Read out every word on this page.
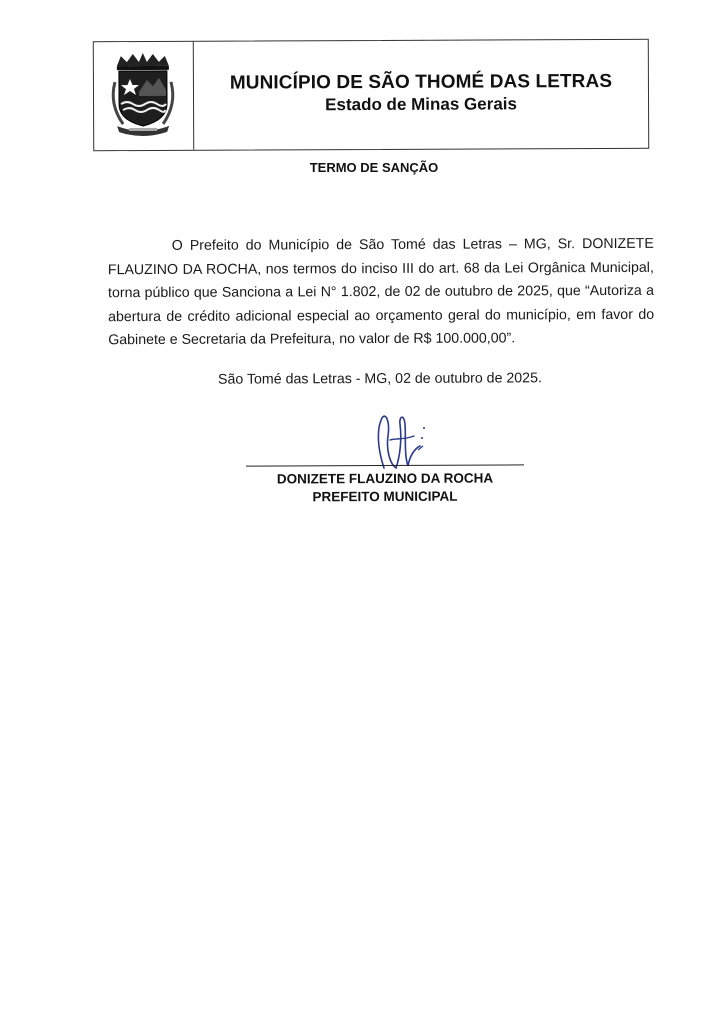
MUNICÍPIO DE SÃO THOMÉ DAS LETRAS
Estado de Minas Gerais
TERMO DE SANÇÃO

O Prefeito do Município de São Tomé das Letras – MG, Sr. DONIZETE FLAUZINO DA ROCHA, nos termos do inciso III do art. 68 da Lei Orgânica Municipal, torna público que Sanciona a Lei N° 1.802, de 02 de outubro de 2025, que “Autoriza a abertura de crédito adicional especial ao orçamento geral do município, em favor do Gabinete e Secretaria da Prefeitura, no valor de R$ 100.000,00”.

São Tomé das Letras - MG, 02 de outubro de 2025.
DONIZETE FLAUZINO DA ROCHA
PREFEITO MUNICIPAL
